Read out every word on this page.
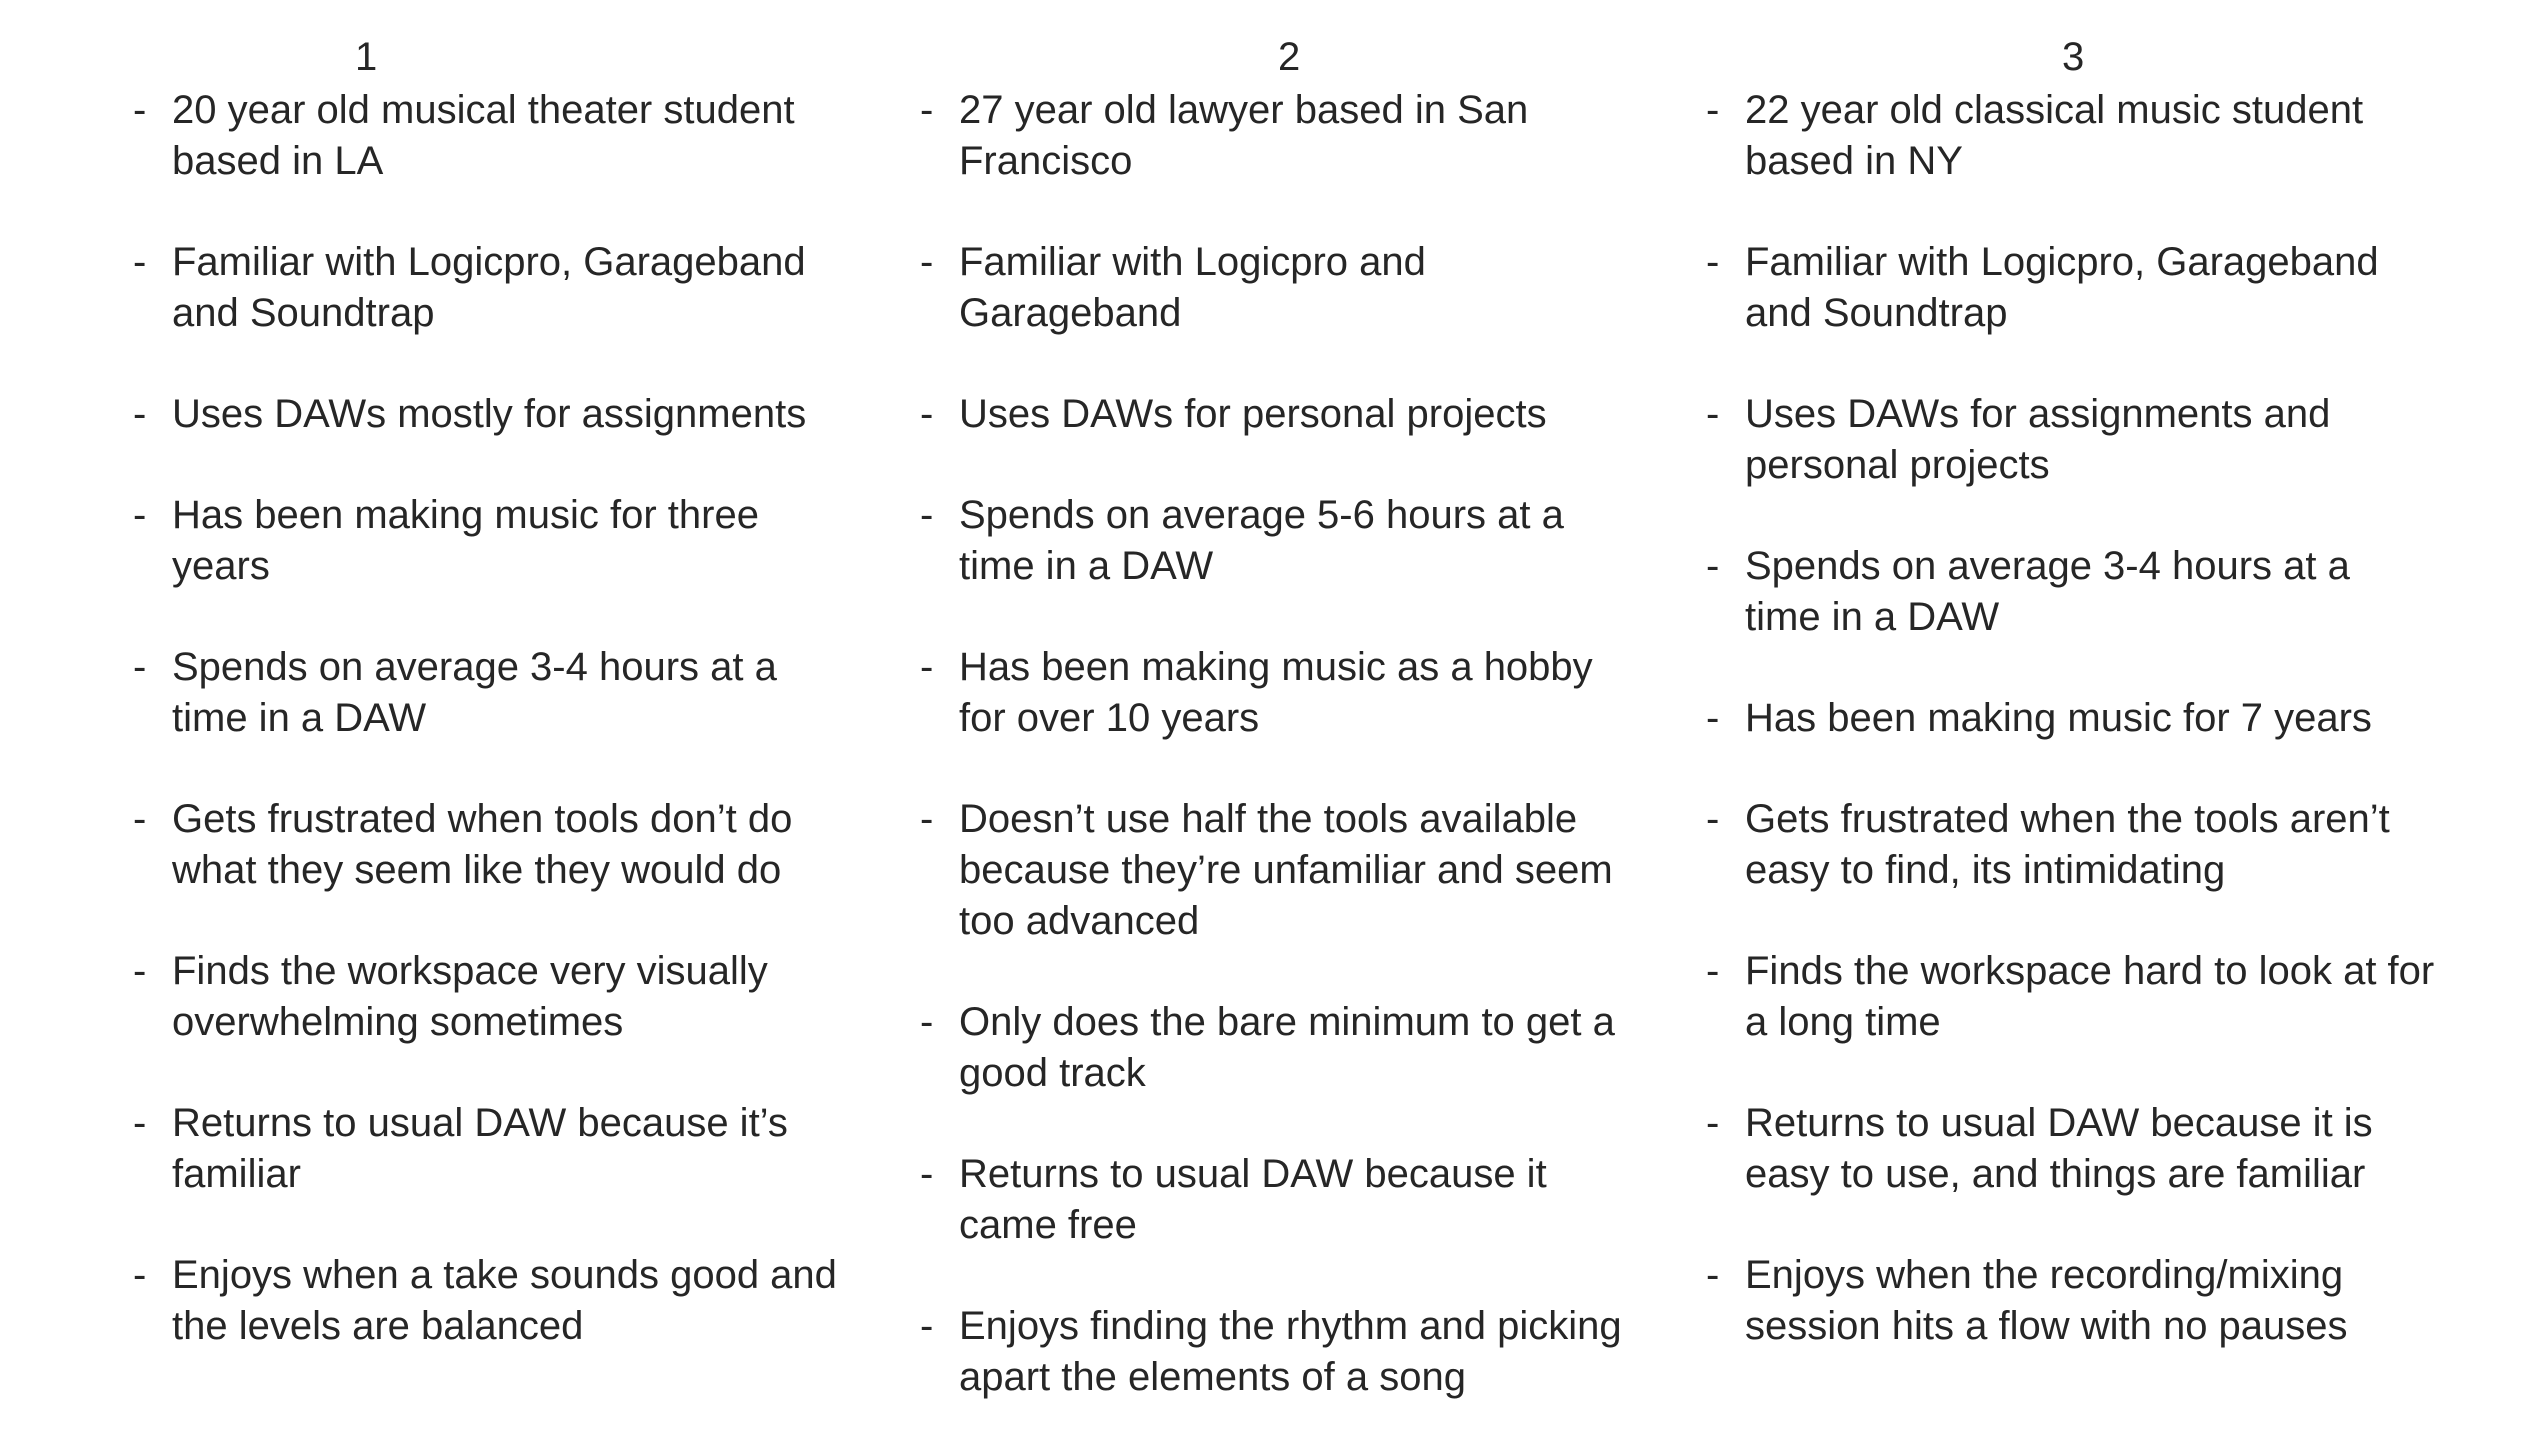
1
- 20 year old musical theater student based in LA
- Familiar with Logicpro, Garageband and Soundtrap
- Uses DAWs mostly for assignments
- Has been making music for three years
- Spends on average 3-4 hours at a time in a DAW
- Gets frustrated when tools don’t do what they seem like they would do
- Finds the workspace very visually overwhelming sometimes
- Returns to usual DAW because it’s familiar
- Enjoys when a take sounds good and the levels are balanced
2
- 27 year old lawyer based in San Francisco
- Familiar with Logicpro and Garageband
- Uses DAWs for personal projects
- Spends on average 5-6 hours at a time in a DAW
- Has been making music as a hobby for over 10 years
- Doesn’t use half the tools available because they’re unfamiliar and seem too advanced
- Only does the bare minimum to get a good track
- Returns to usual DAW because it came free
- Enjoys finding the rhythm and picking apart the elements of a song
3
- 22 year old classical music student based in NY
- Familiar with Logicpro, Garageband and Soundtrap
- Uses DAWs for assignments and personal projects
- Spends on average 3-4 hours at a time in a DAW
- Has been making music for 7 years
- Gets frustrated when the tools aren’t easy to find, its intimidating
- Finds the workspace hard to look at for a long time
- Returns to usual DAW because it is easy to use, and things are familiar
- Enjoys when the recording/mixing session hits a flow with no pauses
